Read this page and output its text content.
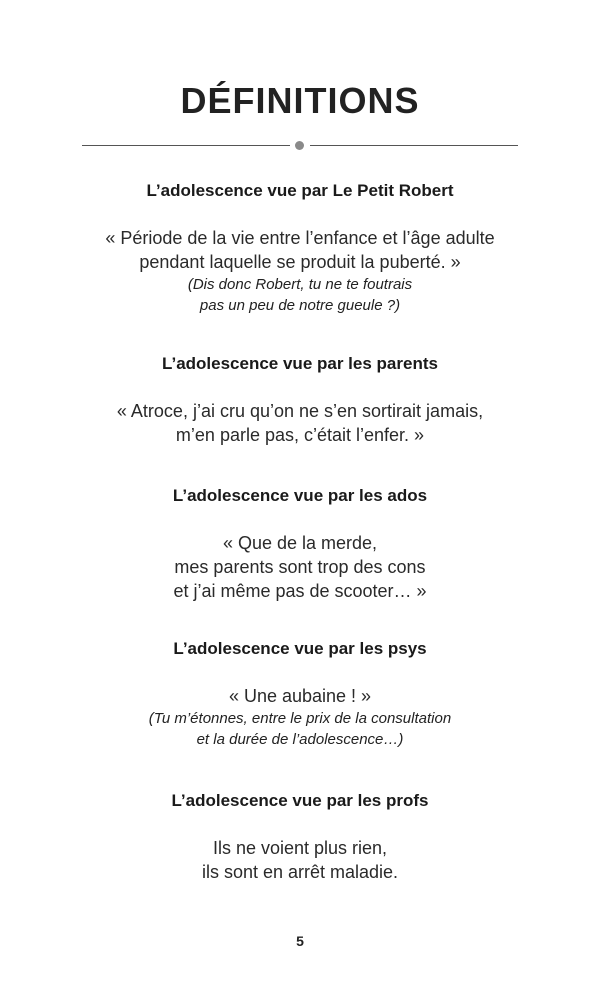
DÉFINITIONS
L’adolescence vue par Le Petit Robert
« Période de la vie entre l’enfance et l’âge adulte
pendant laquelle se produit la puberté. »
(Dis donc Robert, tu ne te foutrais
pas un peu de notre gueule ?)
L’adolescence vue par les parents
« Atroce, j’ai cru qu’on ne s’en sortirait jamais,
m’en parle pas, c’était l’enfer. »
L’adolescence vue par les ados
« Que de la merde,
mes parents sont trop des cons
et j’ai même pas de scooter… »
L’adolescence vue par les psys
« Une aubaine ! »
(Tu m’étonnes, entre le prix de la consultation
et la durée de l’adolescence…)
L’adolescence vue par les profs
Ils ne voient plus rien,
ils sont en arrêt maladie.
5
